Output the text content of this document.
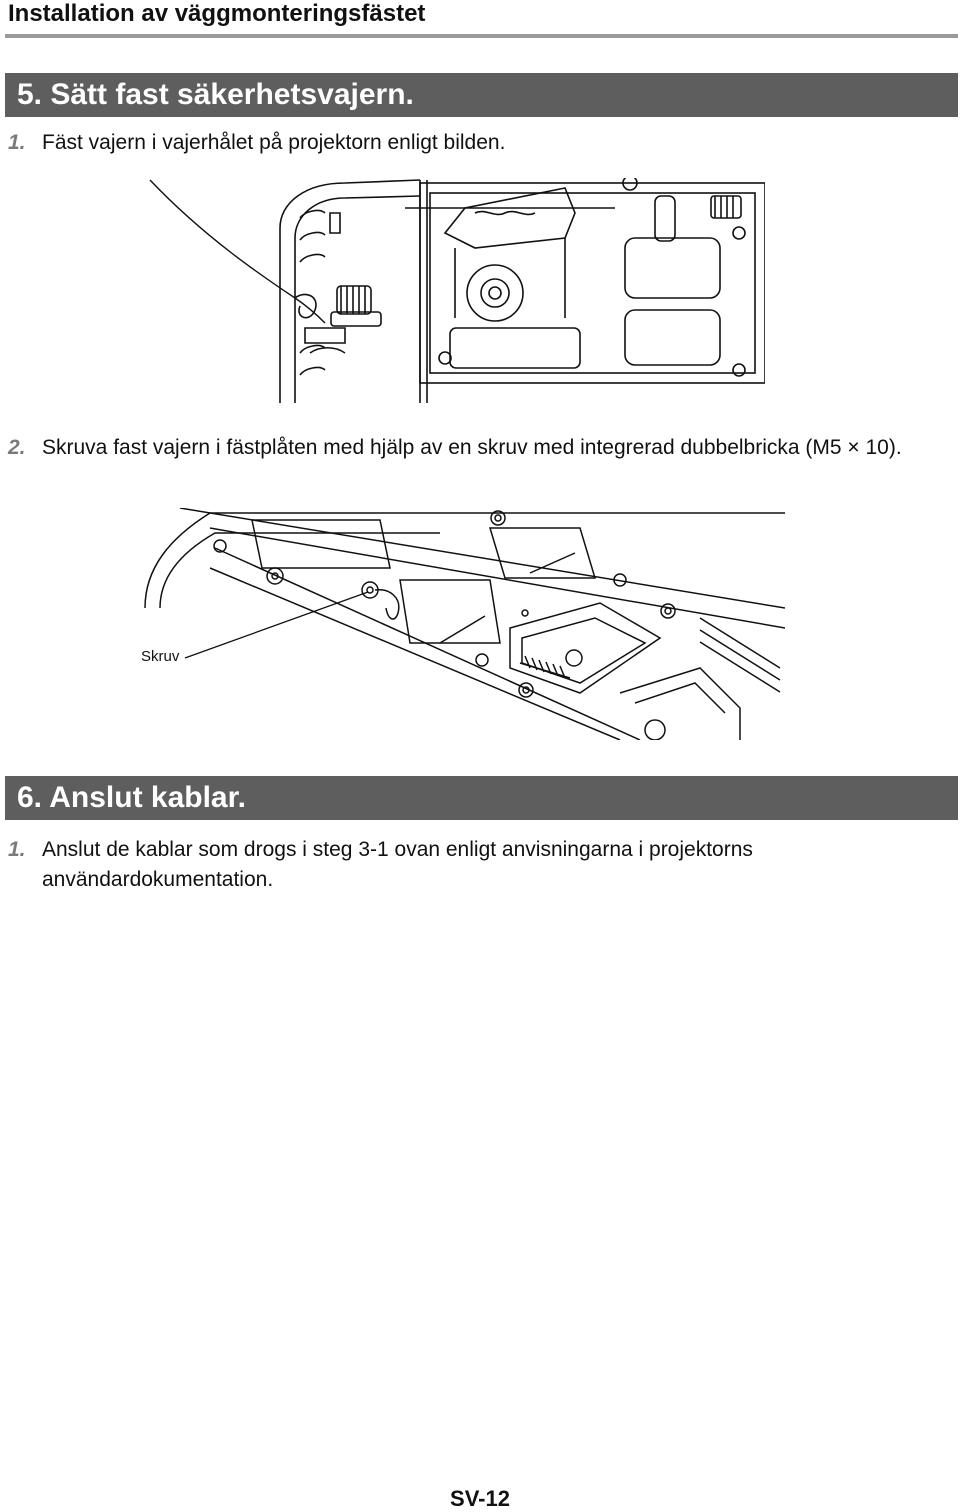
Installation av väggmonteringsfästet
5. Sätt fast säkerhetsvajern.
1. Fäst vajern i vajerhålet på projektorn enligt bilden.
2. Skruva fast vajern i fästplåten med hjälp av en skruv med integrerad dubbelbricka (M5 × 10).
Skruv
6. Anslut kablar.
1. Anslut de kablar som drogs i steg 3-1 ovan enligt anvisningarna i projektorns användardokumentation.
SV-12
